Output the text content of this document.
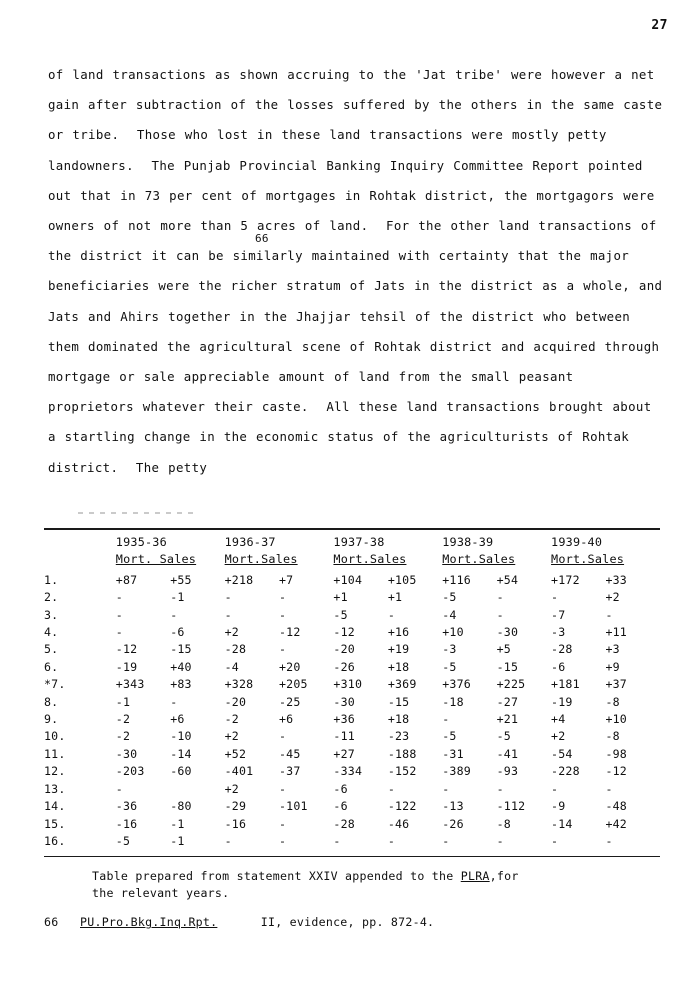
27

of land transactions as shown accruing to the 'Jat tribe' were however a net  gain after subtraction of the losses suffered by the others in the same caste or tribe.  Those who lost in these land transactions were mostly petty landowners.  The Punjab Provincial Banking Inquiry Committee Report pointed out that in 73 per cent of mortgages in Rohtak district, the mortgagors were owners of not more than 5 acres of land.  For the other land transactions of the district it can be similarly maintained with certainty that the major beneficiaries were the richer stratum of Jats in the district as a whole, and Jats and Ahirs together in the Jhajjar tehsil of the district who between them dominated the agricultural scene of Rohtak district and acquired through mortgage or sale appreciable amount of land from the small peasant proprietors whatever their caste.  All these land transactions brought about a startling change in the economic status of the agriculturists of Rohtak district.  The petty

66
	1935-36		1936-37		1937-38		1938-39		1939-40	
	Mort. Sales		Mort.Sales		Mort.Sales		Mort.Sales		Mort.Sales	
1.	+87	+55	+218	+7	+104	+105	+116	+54	+172	+33
2.	-	-1	-	-	+1	+1	-5	-	-	+2
3.	-	-	-	-	-5	-	-4	-	-7	-
4.	-	-6	+2	-12	-12	+16	+10	-30	-3	+11
5.	-12	-15	-28	-	-20	+19	-3	+5	-28	+3
6.	-19	+40	-4	+20	-26	+18	-5	-15	-6	+9
*7.	+343	+83	+328	+205	+310	+369	+376	+225	+181	+37
8.	-1	-	-20	-25	-30	-15	-18	-27	-19	-8
9.	-2	+6	-2	+6	+36	+18	-	+21	+4	+10
10.	-2	-10	+2	-	-11	-23	-5	-5	+2	-8
11.	-30	-14	+52	-45	+27	-188	-31	-41	-54	-98
12.	-203	-60	-401	-37	-334	-152	-389	-93	-228	-12
13.	-		+2	-	-6	-	-	-	-	-
14.	-36	-80	-29	-101	-6	-122	-13	-112	-9	-48
15.	-16	-1	-16	-	-28	-46	-26	-8	-14	+42
16.	-5	-1	-	-	-	-	-	-	-	-

Table prepared from statement XXIV appended to the PLRA,for

the relevant years.

66 PU.Pro.Bkg.Inq.Rpt.	II, evidence, pp. 872-4.
